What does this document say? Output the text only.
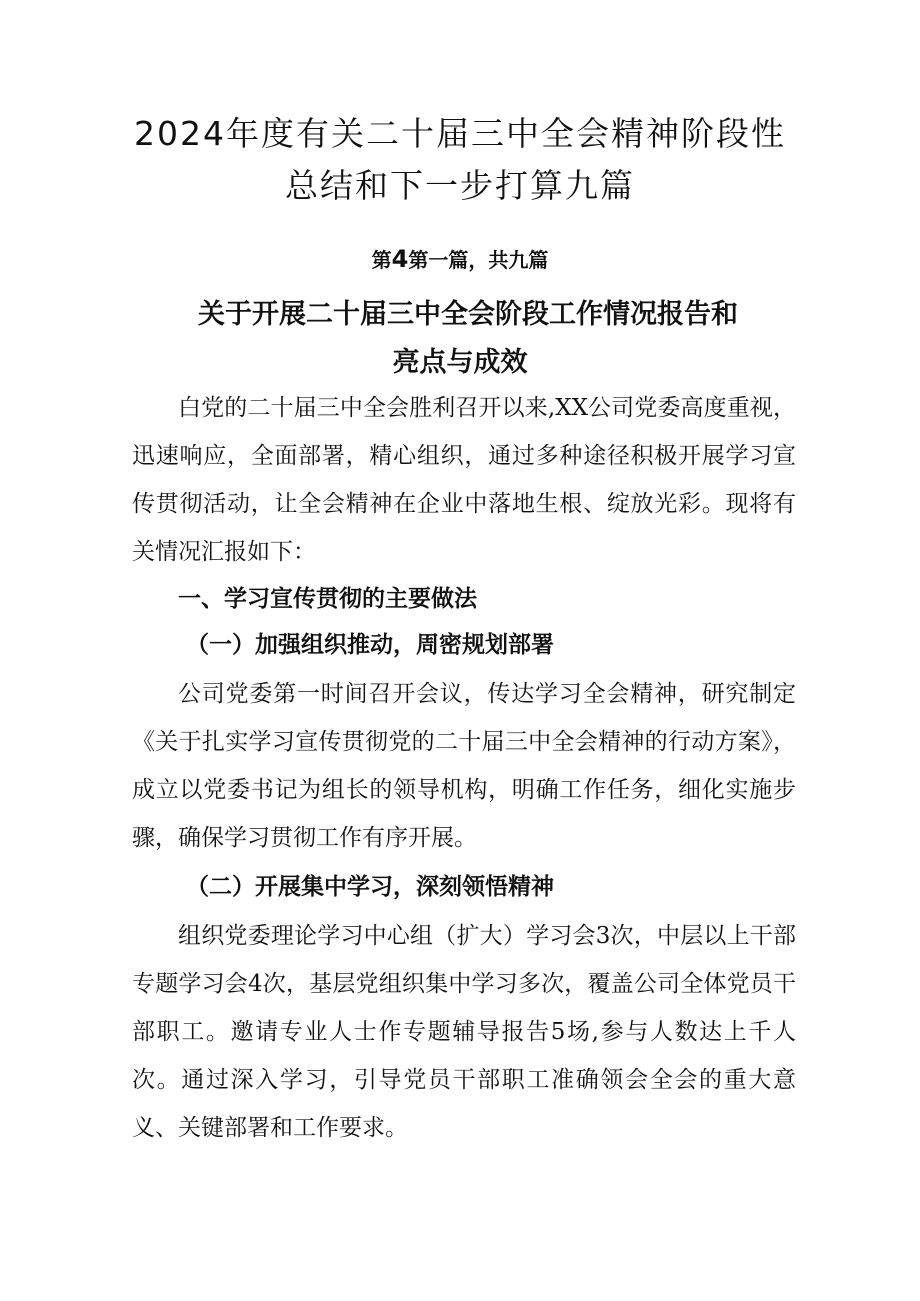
2024年度有关二十届三中全会精神阶段性
总结和下一步打算九篇
第4第一篇，共九篇
关于开展二十届三中全会阶段工作情况报告和
亮点与成效

白党的二十届三中全会胜利召开以来,XX公司党委高度重视，迅速响应，全面部署，精心组织，通过多种途径积极开展学习宣传贯彻活动，让全会精神在企业中落地生根、绽放光彩。现将有关情况汇报如下：

一、学习宣传贯彻的主要做法
（一）加强组织推动，周密规划部署

公司党委第一时间召开会议，传达学习全会精神，研究制定《关于扎实学习宣传贯彻党的二十届三中全会精神的行动方案》，成立以党委书记为组长的领导机构，明确工作任务，细化实施步骤，确保学习贯彻工作有序开展。

（二）开展集中学习，深刻领悟精神

组织党委理论学习中心组（扩大）学习会3次，中层以上干部专题学习会4次，基层党组织集中学习多次，覆盖公司全体党员干部职工。邀请专业人士作专题辅导报告5场,参与人数达上千人次。通过深入学习，引导党员干部职工准确领会全会的重大意义、关键部署和工作要求。
